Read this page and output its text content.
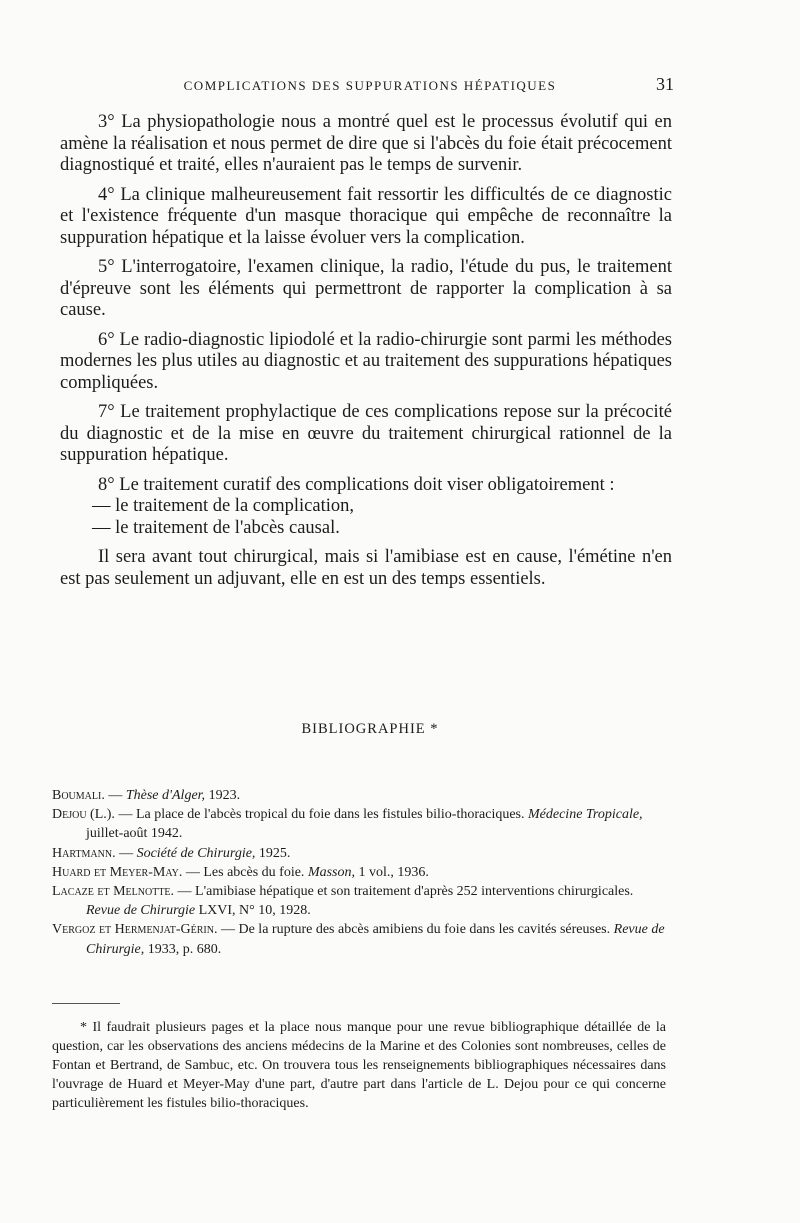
COMPLICATIONS DES SUPPURATIONS HÉPATIQUES	31

3° La physiopathologie nous a montré quel est le processus évolutif qui en amène la réalisation et nous permet de dire que si l'abcès du foie était précocement diagnostiqué et traité, elles n'auraient pas le temps de survenir.

4° La clinique malheureusement fait ressortir les difficultés de ce diagnostic et l'existence fréquente d'un masque thoracique qui empêche de reconnaître la suppuration hépatique et la laisse évoluer vers la complication.

5° L'interrogatoire, l'examen clinique, la radio, l'étude du pus, le traitement d'épreuve sont les éléments qui permettront de rapporter la complication à sa cause.

6° Le radio-diagnostic lipiodolé et la radio-chirurgie sont parmi les méthodes modernes les plus utiles au diagnostic et au traitement des suppurations hépatiques compliquées.

7° Le traitement prophylactique de ces complications repose sur la précocité du diagnostic et de la mise en œuvre du traitement chirurgical rationnel de la suppuration hépatique.

8° Le traitement curatif des complications doit viser obligatoirement :

— le traitement de la complication,

— le traitement de l'abcès causal.

Il sera avant tout chirurgical, mais si l'amibiase est en cause, l'émétine n'en est pas seulement un adjuvant, elle en est un des temps essentiels.

BIBLIOGRAPHIE *
Boumali. — Thèse d'Alger, 1923.
Dejou (L.). — La place de l'abcès tropical du foie dans les fistules bilio-thoraciques. Médecine Tropicale, juillet-août 1942.
Hartmann. — Société de Chirurgie, 1925.
Huard et Meyer-May. — Les abcès du foie. Masson, 1 vol., 1936.
Lacaze et Melnotte. — L'amibiase hépatique et son traitement d'après 252 interventions chirurgicales. Revue de Chirurgie LXVI, N° 10, 1928.
Vergoz et Hermenjat-Gérin. — De la rupture des abcès amibiens du foie dans les cavités séreuses. Revue de Chirurgie, 1933, p. 680.
* Il faudrait plusieurs pages et la place nous manque pour une revue bibliographique détaillée de la question, car les observations des anciens médecins de la Marine et des Colonies sont nombreuses, celles de Fontan et Bertrand, de Sambuc, etc. On trouvera tous les renseignements bibliographiques nécessaires dans l'ouvrage de Huard et Meyer-May d'une part, d'autre part dans l'article de L. Dejou pour ce qui concerne particulièrement les fistules bilio-thoraciques.
